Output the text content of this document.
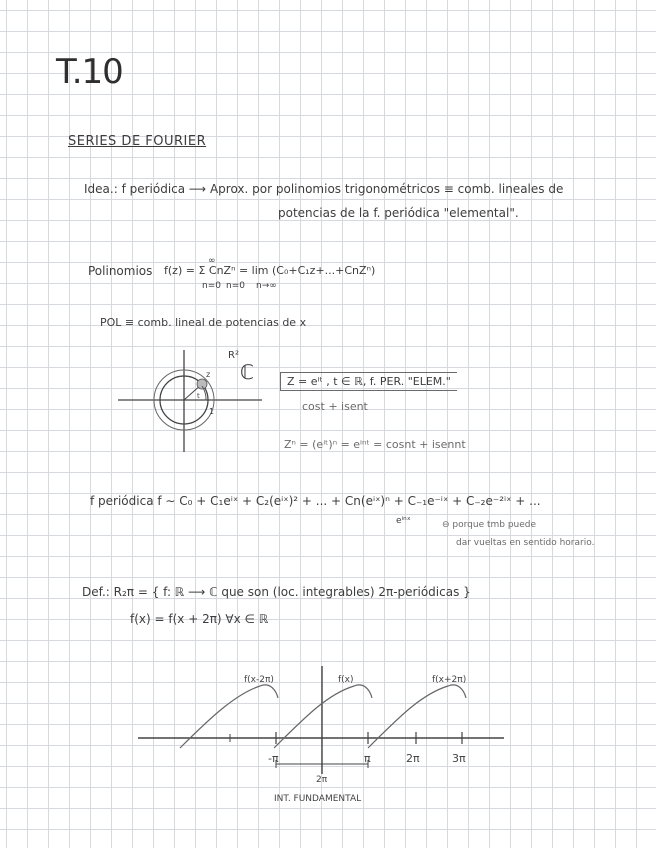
T.10
SERIES DE FOURIER
Idea.: f periódica ⟶ Aprox. por polinomios trigonométricos ≡ comb. lineales de
potencias de la f. periódica "elemental".
Polinomios f(z) = Σ CnZⁿ = lim (C₀+C₁z+...+CnZⁿ)
∞
n=0 n=0 n→∞
POL ≡ comb. lineal de potencias de x
z
t
1
R²
ℂ	Z = eⁱᵗ , t ∈ ℝ, f. PER. "ELEM."
cost + isent
Zⁿ = (eⁱᵗ)ⁿ = eⁱⁿᵗ = cosnt + isennt
f periódica f ∼ C₀ + C₁eⁱˣ + C₂(eⁱˣ)² + ... + Cn(eⁱˣ)ⁿ + C₋₁e⁻ⁱˣ + C₋₂e⁻²ⁱˣ + ...
eⁱⁿˣ	⊖ porque tmb puede
dar vueltas en sentido horario.
Def.: R₂π = { f: ℝ ⟶ ℂ que son (loc. integrables) 2π-periódicas }
f(x) = f(x + 2π) ∀x ∈ ℝ
f(x-2π)	f(x)	f(x+2π)
-π	π	2π	3π
2π
INT. FUNDAMENTAL
